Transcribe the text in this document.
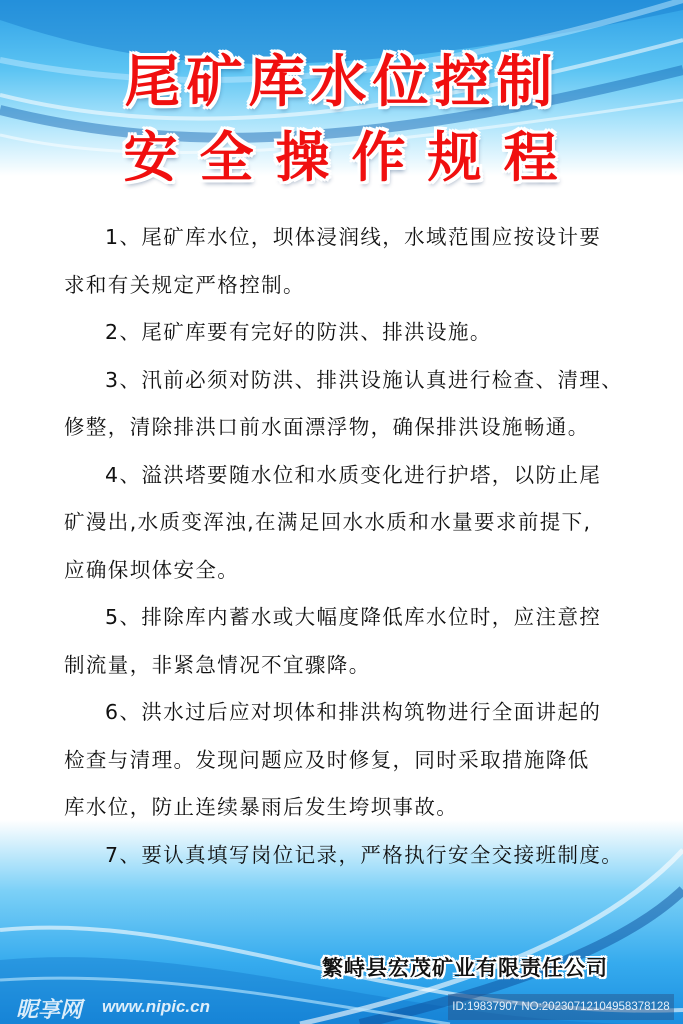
尾矿库水位控制
安全操作规程
1、尾矿库水位，坝体浸润线，水域范围应按设计要
求和有关规定严格控制。
2、尾矿库要有完好的防洪、排洪设施。
3、汛前必须对防洪、排洪设施认真进行检查、清理、
修整，清除排洪口前水面漂浮物，确保排洪设施畅通。
4、溢洪塔要随水位和水质变化进行护塔，以防止尾
矿漫出,水质变浑浊,在满足回水水质和水量要求前提下,
应确保坝体安全。
5、排除库内蓄水或大幅度降低库水位时，应注意控
制流量，非紧急情况不宜骤降。
6、洪水过后应对坝体和排洪构筑物进行全面讲起的
检查与清理。发现问题应及时修复，同时采取措施降低
库水位，防止连续暴雨后发生垮坝事故。
7、要认真填写岗位记录，严格执行安全交接班制度。
繁峙县宏茂矿业有限责任公司
昵享网 www.nipic.cn	ID:19837907 NO:20230712104958378128
